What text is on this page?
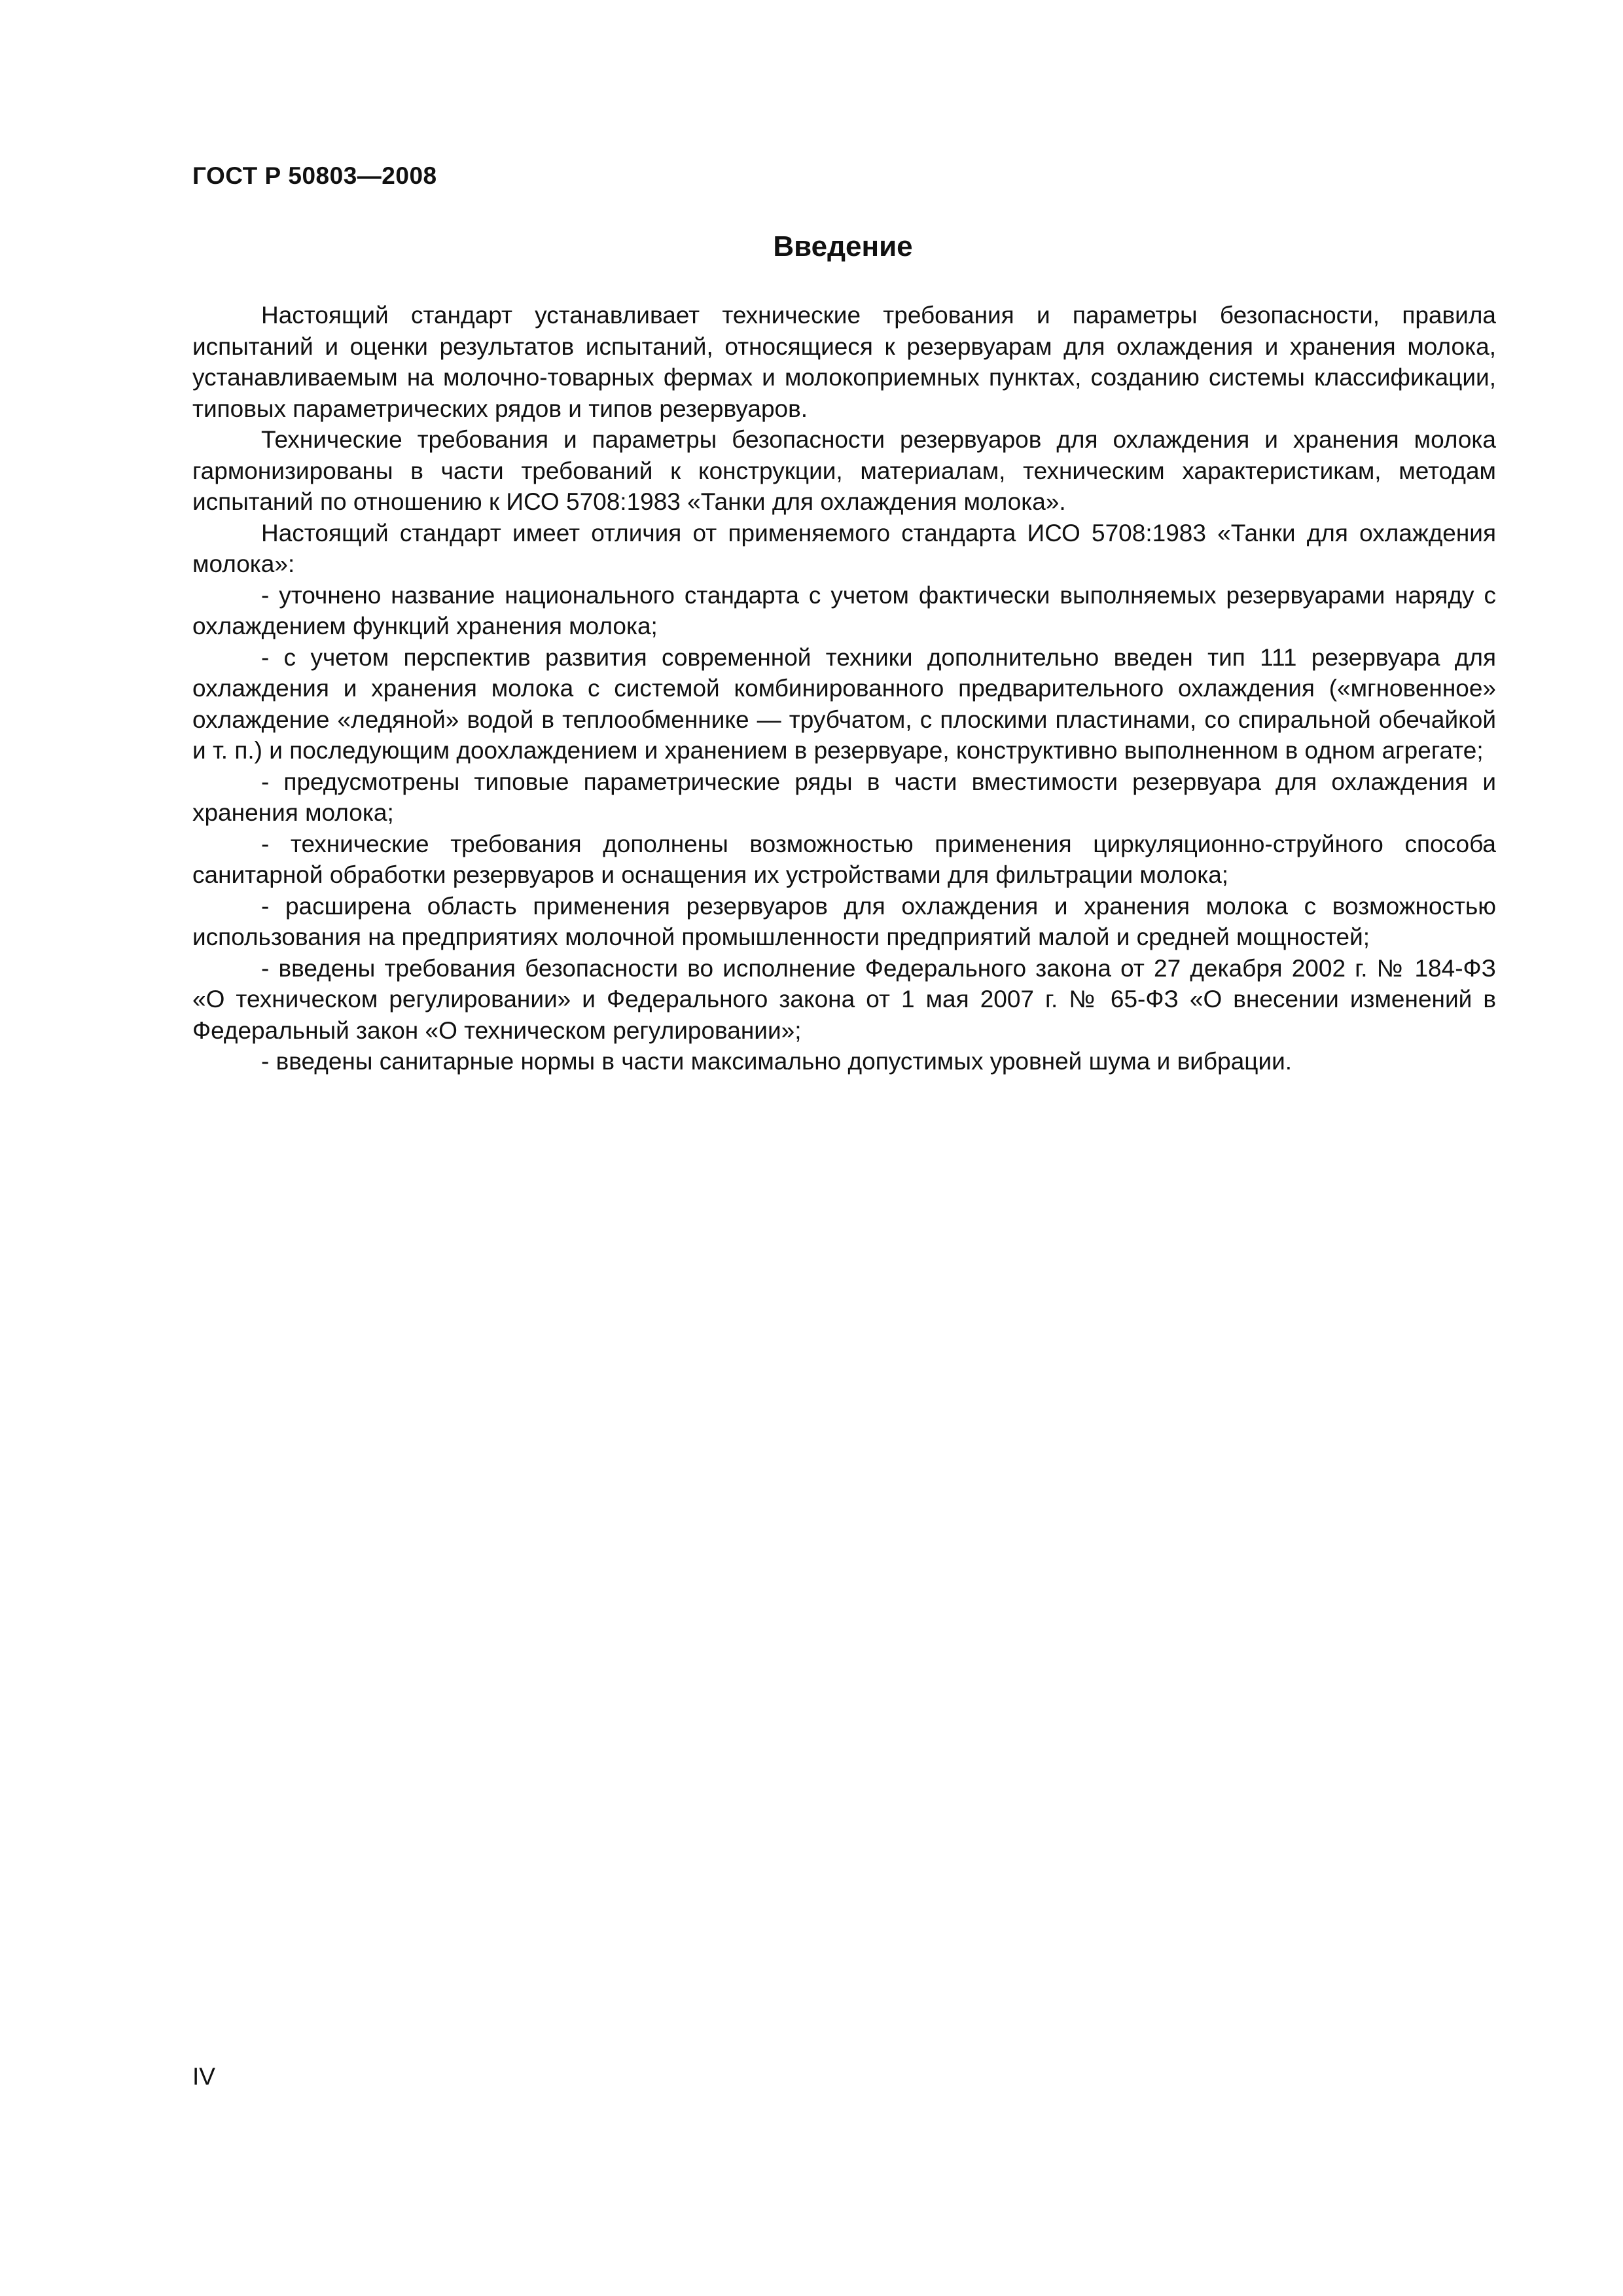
ГОСТ Р 50803—2008
Введение

Настоящий стандарт устанавливает технические требования и параметры безопасности, правила испытаний и оценки результатов испытаний, относящиеся к резервуарам для охлаждения и хранения молока, устанавливаемым на молочно-товарных фермах и молокоприемных пунктах, созданию системы классификации, типовых параметрических рядов и типов резервуаров.

Технические требования и параметры безопасности резервуаров для охлаждения и хранения молока гармонизированы в части требований к конструкции, материалам, техническим характеристикам, методам испытаний по отношению к ИСО 5708:1983 «Танки для охлаждения молока».

Настоящий стандарт имеет отличия от применяемого стандарта ИСО 5708:1983 «Танки для охлаждения молока»:

- уточнено название национального стандарта с учетом фактически выполняемых резервуарами наряду с охлаждением функций хранения молока;

- с учетом перспектив развития современной техники дополнительно введен тип 111 резервуара для охлаждения и хранения молока с системой комбинированного предварительного охлаждения («мгновенное» охлаждение «ледяной» водой в теплообменнике — трубчатом, с плоскими пластинами, со спиральной обечайкой и т. п.) и последующим доохлаждением и хранением в резервуаре, конструктивно выполненном в одном агрегате;

- предусмотрены типовые параметрические ряды в части вместимости резервуара для охлаждения и хранения молока;

- технические требования дополнены возможностью применения циркуляционно-струйного способа санитарной обработки резервуаров и оснащения их устройствами для фильтрации молока;

- расширена область применения резервуаров для охлаждения и хранения молока с возможностью использования на предприятиях молочной промышленности предприятий малой и средней мощностей;

- введены требования безопасности во исполнение Федерального закона от 27 декабря 2002 г. № 184-ФЗ «О техническом регулировании» и Федерального закона от 1 мая 2007 г. № 65-ФЗ «О внесении изменений в Федеральный закон «О техническом регулировании»;

- введены санитарные нормы в части максимально допустимых уровней шума и вибрации.

IV
